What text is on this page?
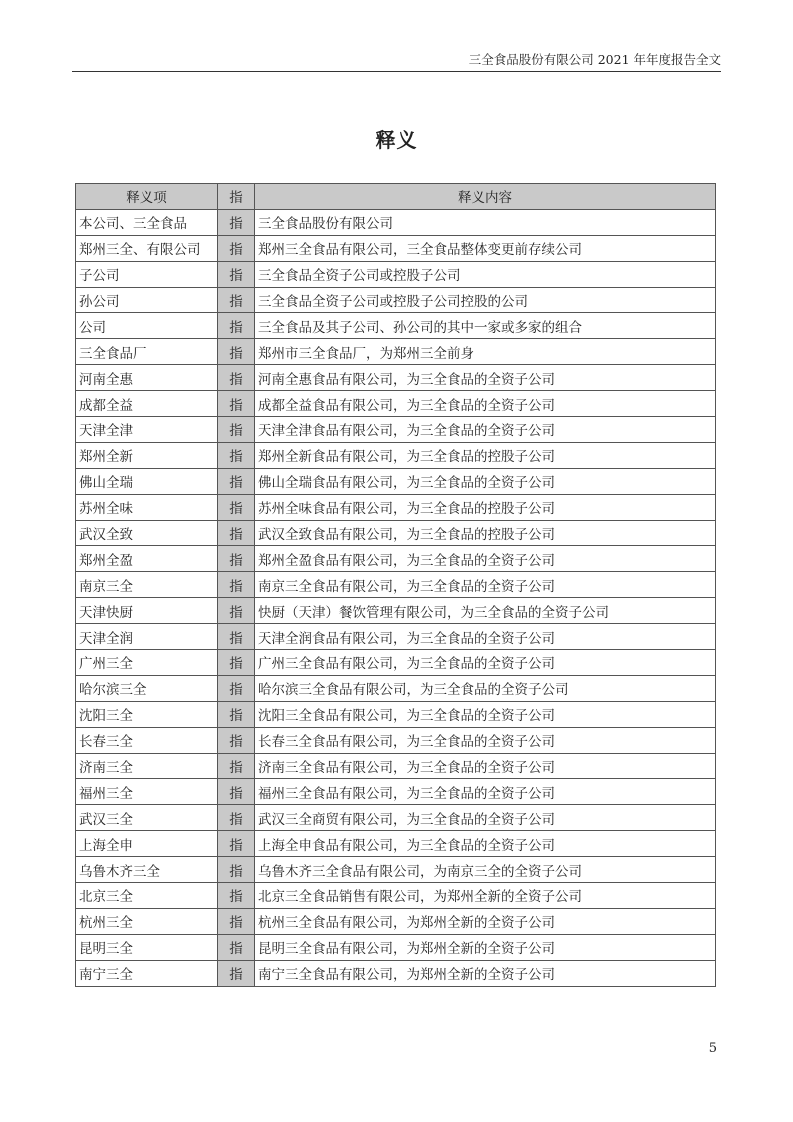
三全食品股份有限公司 2021 年年度报告全文
释义
释义项	指	释义内容
本公司、三全食品	指	三全食品股份有限公司
郑州三全、有限公司	指	郑州三全食品有限公司，三全食品整体变更前存续公司
子公司	指	三全食品全资子公司或控股子公司
孙公司	指	三全食品全资子公司或控股子公司控股的公司
公司	指	三全食品及其子公司、孙公司的其中一家或多家的组合
三全食品厂	指	郑州市三全食品厂，为郑州三全前身
河南全惠	指	河南全惠食品有限公司，为三全食品的全资子公司
成都全益	指	成都全益食品有限公司，为三全食品的全资子公司
天津全津	指	天津全津食品有限公司，为三全食品的全资子公司
郑州全新	指	郑州全新食品有限公司，为三全食品的控股子公司
佛山全瑞	指	佛山全瑞食品有限公司，为三全食品的全资子公司
苏州全味	指	苏州全味食品有限公司，为三全食品的控股子公司
武汉全致	指	武汉全致食品有限公司，为三全食品的控股子公司
郑州全盈	指	郑州全盈食品有限公司，为三全食品的全资子公司
南京三全	指	南京三全食品有限公司，为三全食品的全资子公司
天津快厨	指	快厨（天津）餐饮管理有限公司，为三全食品的全资子公司
天津全润	指	天津全润食品有限公司，为三全食品的全资子公司
广州三全	指	广州三全食品有限公司，为三全食品的全资子公司
哈尔滨三全	指	哈尔滨三全食品有限公司，为三全食品的全资子公司
沈阳三全	指	沈阳三全食品有限公司，为三全食品的全资子公司
长春三全	指	长春三全食品有限公司，为三全食品的全资子公司
济南三全	指	济南三全食品有限公司，为三全食品的全资子公司
福州三全	指	福州三全食品有限公司，为三全食品的全资子公司
武汉三全	指	武汉三全商贸有限公司，为三全食品的全资子公司
上海全申	指	上海全申食品有限公司，为三全食品的全资子公司
乌鲁木齐三全	指	乌鲁木齐三全食品有限公司，为南京三全的全资子公司
北京三全	指	北京三全食品销售有限公司，为郑州全新的全资子公司
杭州三全	指	杭州三全食品有限公司，为郑州全新的全资子公司
昆明三全	指	昆明三全食品有限公司，为郑州全新的全资子公司
南宁三全	指	南宁三全食品有限公司，为郑州全新的全资子公司
5
